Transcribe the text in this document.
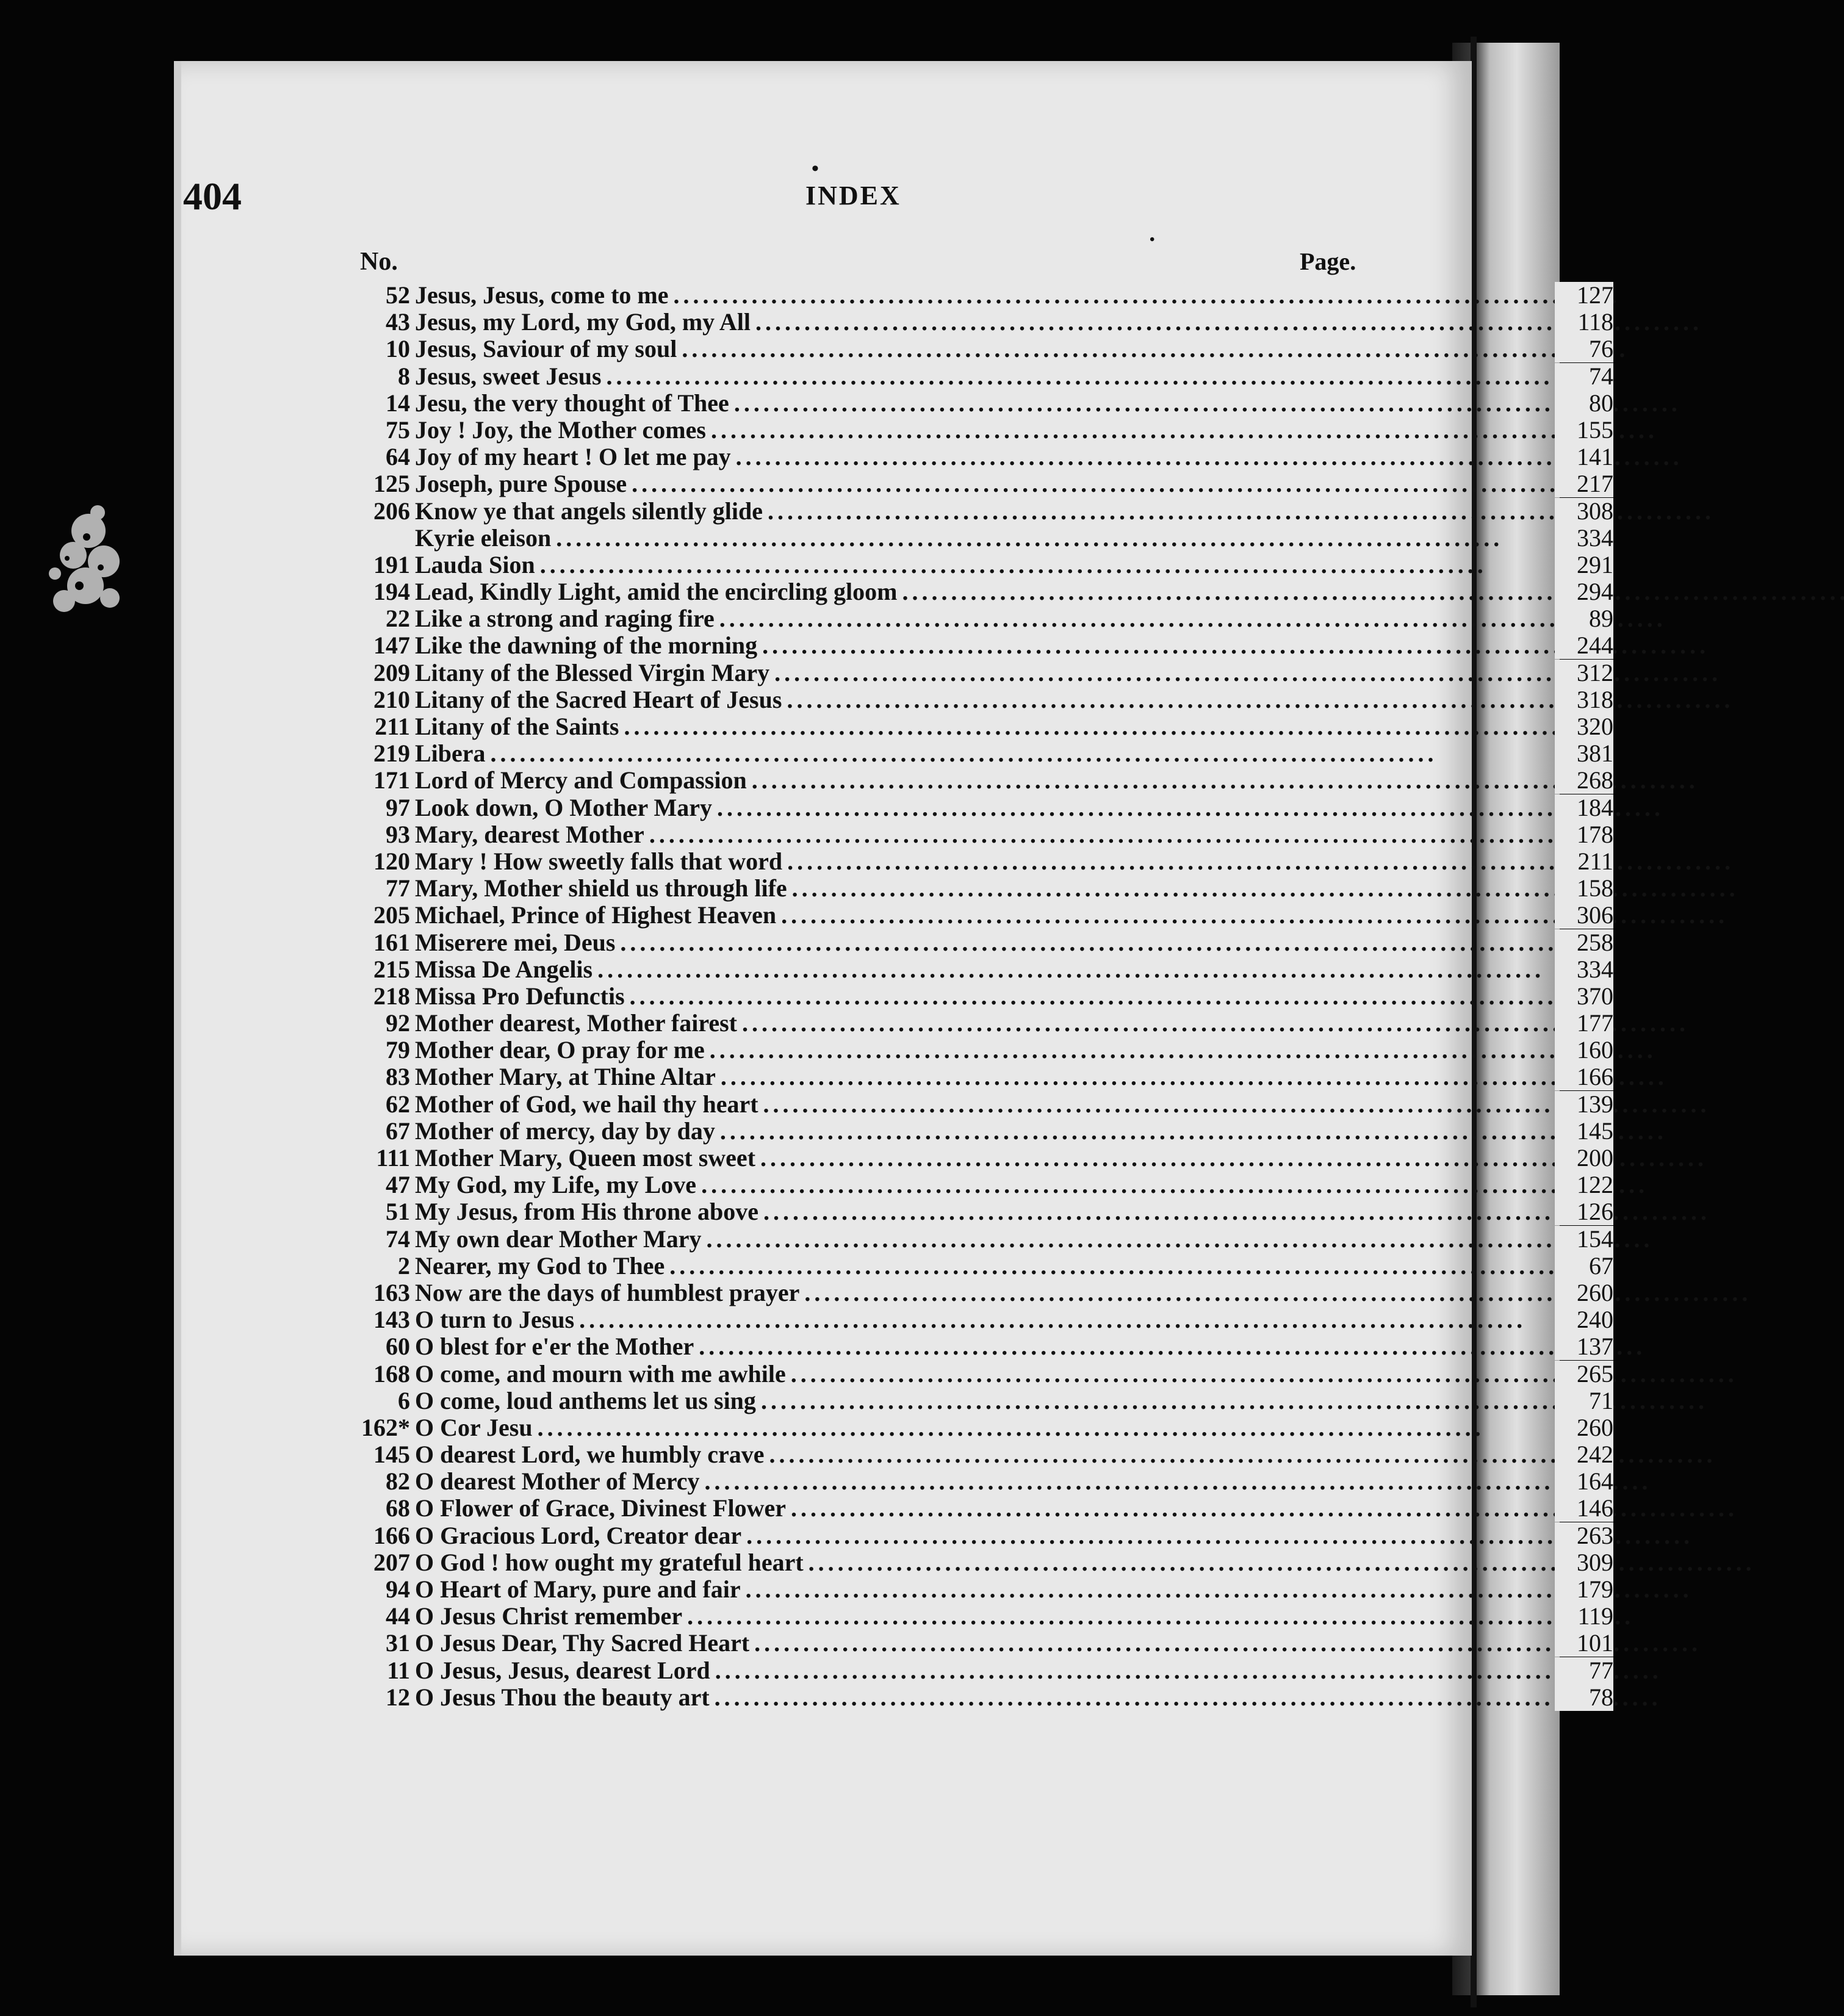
•
•
404	INDEX
No.	Page.
52 Jesus, Jesus, come to me . . .	127
43 Jesus, my Lord, my God, my All . . .	118
10 Jesus, Saviour of my soul . . .	76
8 Jesus, sweet Jesus . . .	74
14 Jesu, the very thought of Thee . . .	80
75 Joy ! Joy, the Mother comes . . .	155
64 Joy of my heart ! O let me pay . . .	141
125 Joseph, pure Spouse . . .	217
206 Know ye that angels silently glide . . .	308
Kyrie eleison . . .	334
191 Lauda Sion . . .	291
194 Lead, Kindly Light, amid the encircling gloom . . .	294
22 Like a strong and raging fire . . .	89
147 Like the dawning of the morning . . .	244
209 Litany of the Blessed Virgin Mary . . .	312
210 Litany of the Sacred Heart of Jesus . . .	318
211 Litany of the Saints . . .	320
219 Libera . . .	381
171 Lord of Mercy and Compassion . . .	268
97 Look down, O Mother Mary . . .	184
93 Mary, dearest Mother . . .	178
120 Mary ! How sweetly falls that word . . .	211
77 Mary, Mother shield us through life . . .	158
205 Michael, Prince of Highest Heaven . . .	306
161 Miserere mei, Deus . . .	258
215 Missa De Angelis . . .	334
218 Missa Pro Defunctis . . .	370
92 Mother dearest, Mother fairest . . .	177
79 Mother dear, O pray for me . . .	160
83 Mother Mary, at Thine Altar . . .	166
62 Mother of God, we hail thy heart . . .	139
67 Mother of mercy, day by day . . .	145
111 Mother Mary, Queen most sweet . . .	200
47 My God, my Life, my Love . . .	122
51 My Jesus, from His throne above . . .	126
74 My own dear Mother Mary . . .	154
2 Nearer, my God to Thee . . .	67
163 Now are the days of humblest prayer . . .	260
143 O turn to Jesus . . .	240
60 O blest for e'er the Mother . . .	137
168 O come, and mourn with me awhile . . .	265
6 O come, loud anthems let us sing . . .	71
162* O Cor Jesu . . .	260
145 O dearest Lord, we humbly crave . . .	242
82 O dearest Mother of Mercy . . .	164
68 O Flower of Grace, Divinest Flower . . .	146
166 O Gracious Lord, Creator dear . . .	263
207 O God ! how ought my grateful heart . . .	309
94 O Heart of Mary, pure and fair . . .	179
44 O Jesus Christ remember . . .	119
31 O Jesus Dear, Thy Sacred Heart . . .	101
11 O Jesus, Jesus, dearest Lord . . .	77
12 O Jesus Thou the beauty art . . .	78
